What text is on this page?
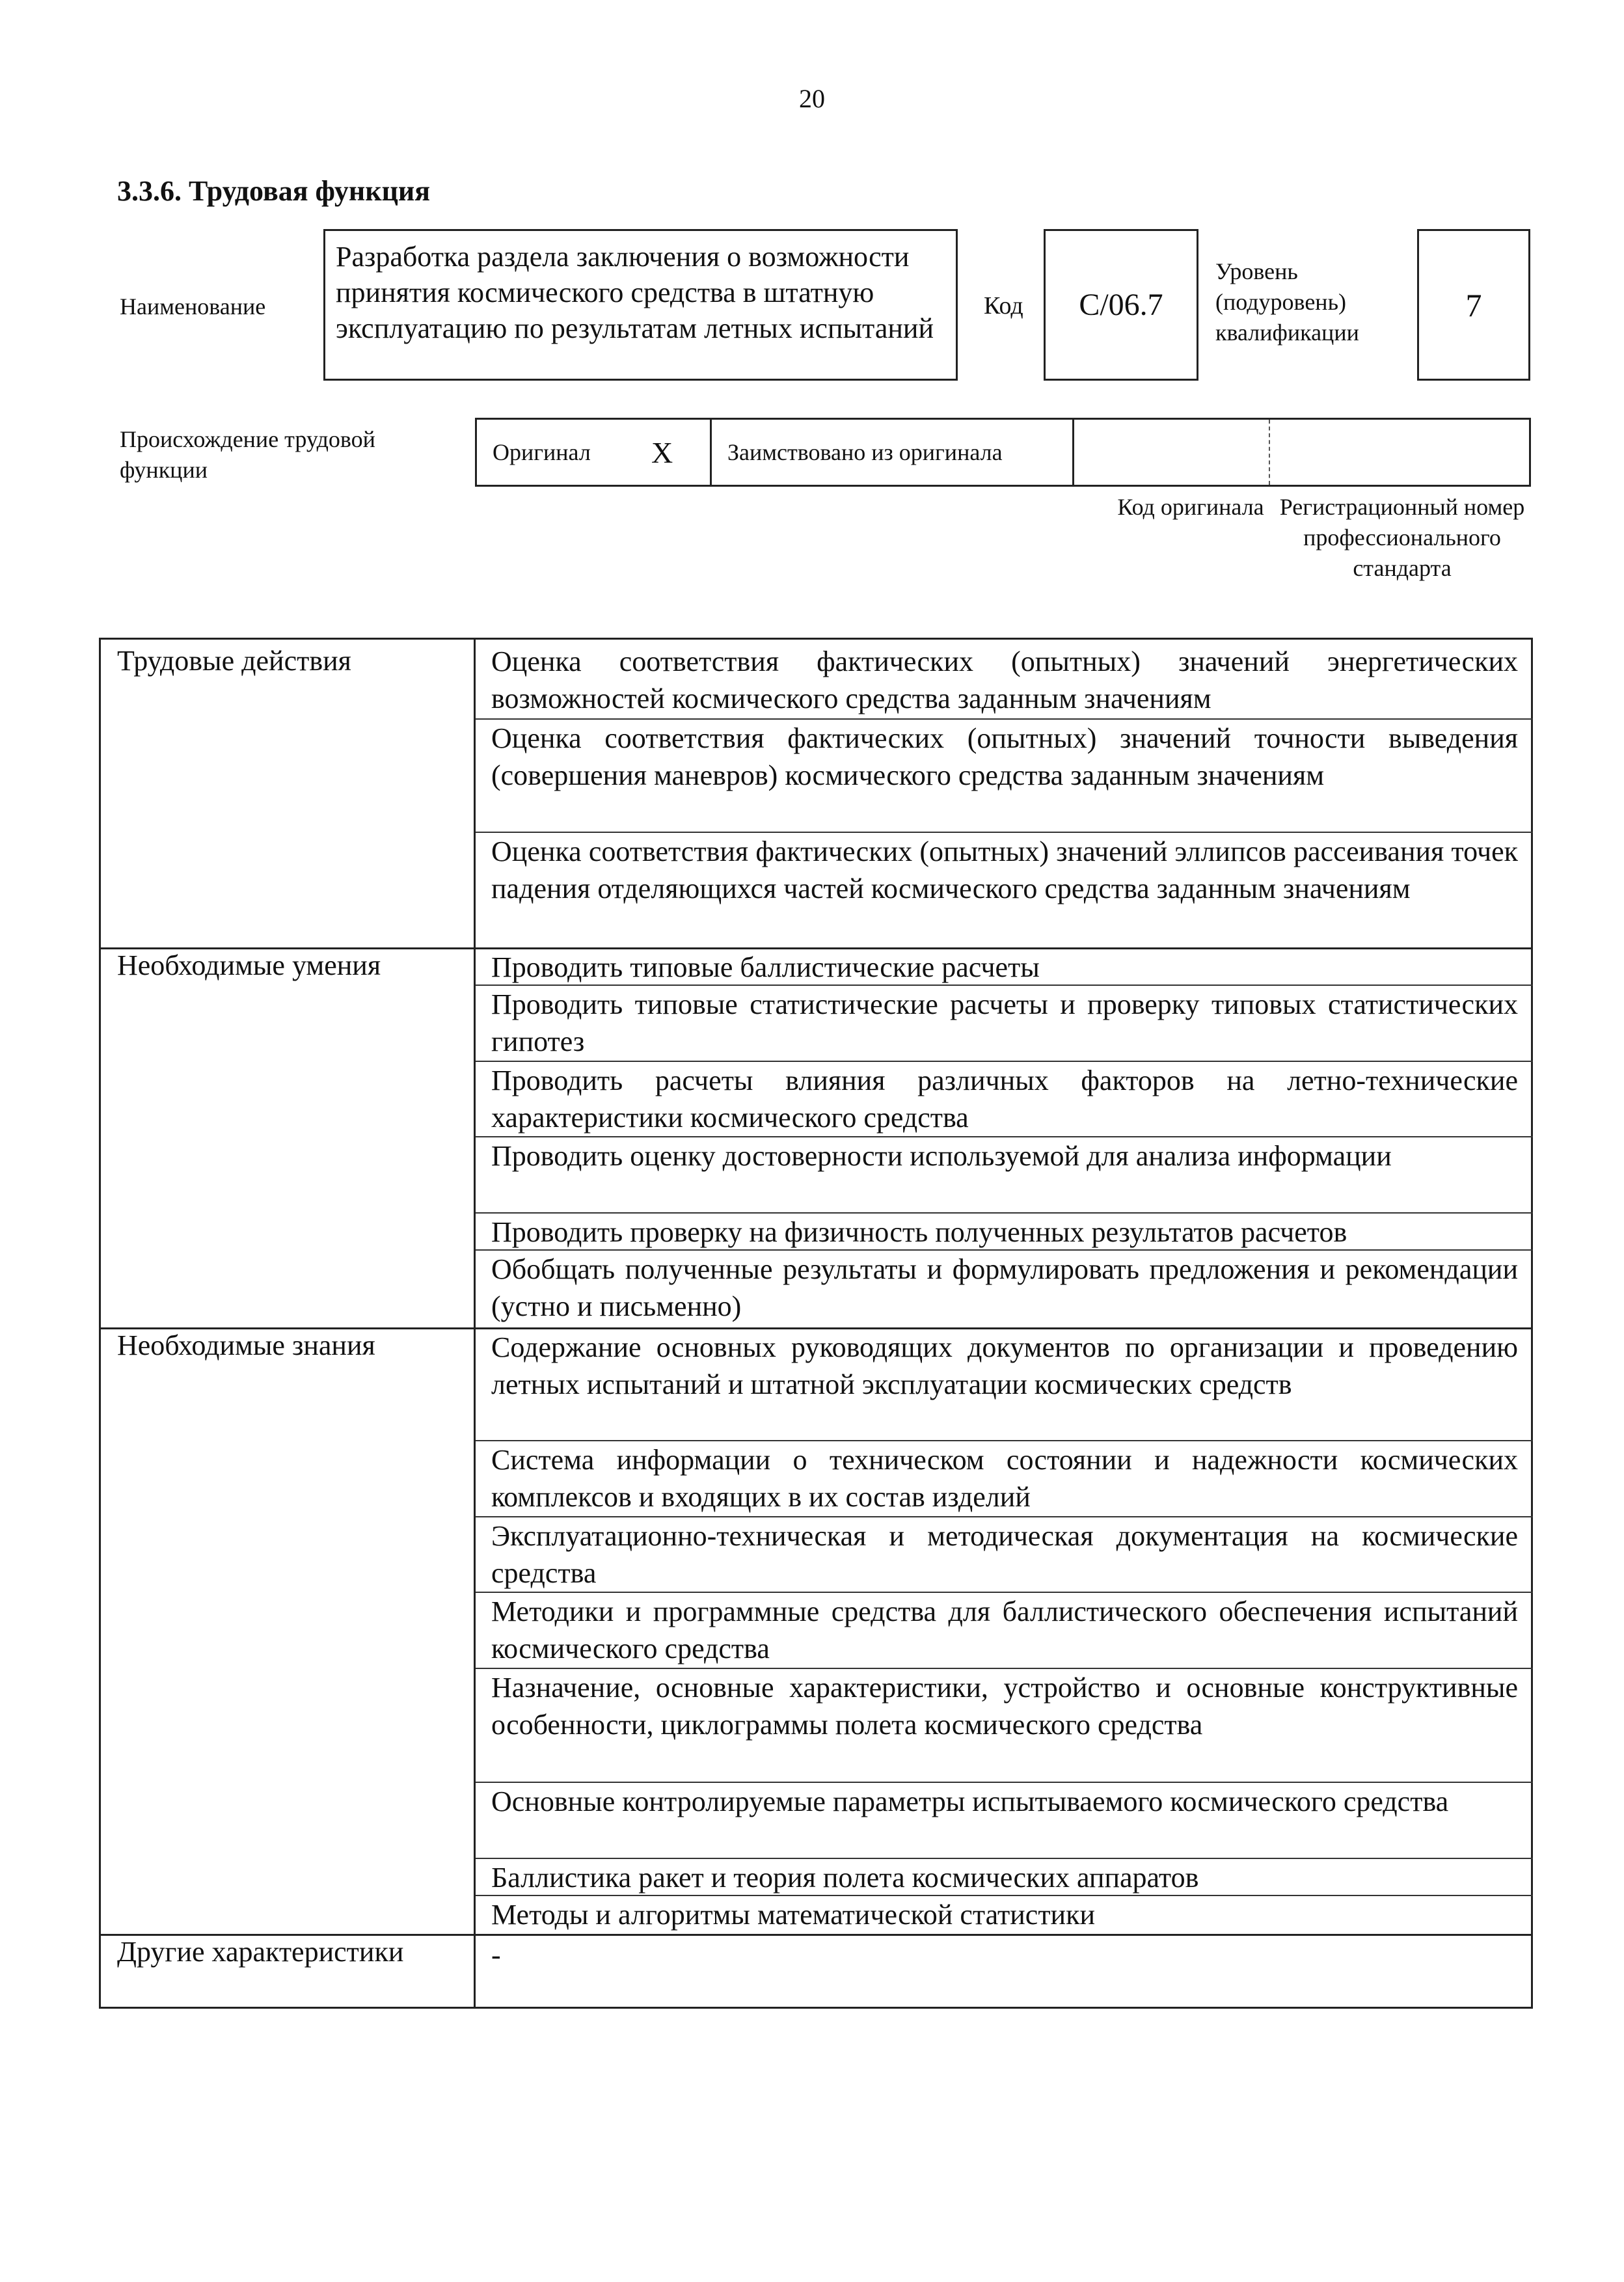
20
3.3.6. Трудовая функция
Наименование
Разработка раздела заключения о возможности принятия космического средства в штатную эксплуатацию по результатам летных испытаний
Код	С/06.7
Уровень (подуровень) квалификации
7
Происхождение трудовой функции
Оригинал X Заимствовано из оригинала
Код оригинала Регистрационный номер профессионального стандарта
Трудовые действия
Необходимые умения
Необходимые знания
Другие характеристики
Оценка соответствия фактических (опытных) значений энергетических возможностей космического средства заданным значениям
Оценка соответствия фактических (опытных) значений точности выведения (совершения маневров) космического средства заданным значениям
Оценка соответствия фактических (опытных) значений эллипсов рассеивания точек падения отделяющихся частей космического средства заданным значениям
Проводить типовые баллистические расчеты
Проводить типовые статистические расчеты и проверку типовых статистических гипотез
Проводить расчеты влияния различных факторов на летно-технические характеристики космического средства
Проводить оценку достоверности используемой для анализа информации
Проводить проверку на физичность полученных результатов расчетов
Обобщать полученные результаты и формулировать предложения и рекомендации (устно и письменно)
Содержание основных руководящих документов по организации и проведению летных испытаний и штатной эксплуатации космических средств
Система информации о техническом состоянии и надежности космических комплексов и входящих в их состав изделий
Эксплуатационно-техническая и методическая документация на космические средства
Методики и программные средства для баллистического обеспечения испытаний космического средства
Назначение, основные характеристики, устройство и основные конструктивные особенности, циклограммы полета космического средства
Основные контролируемые параметры испытываемого космического средства
Баллистика ракет и теория полета космических аппаратов
Методы и алгоритмы математической статистики
-
